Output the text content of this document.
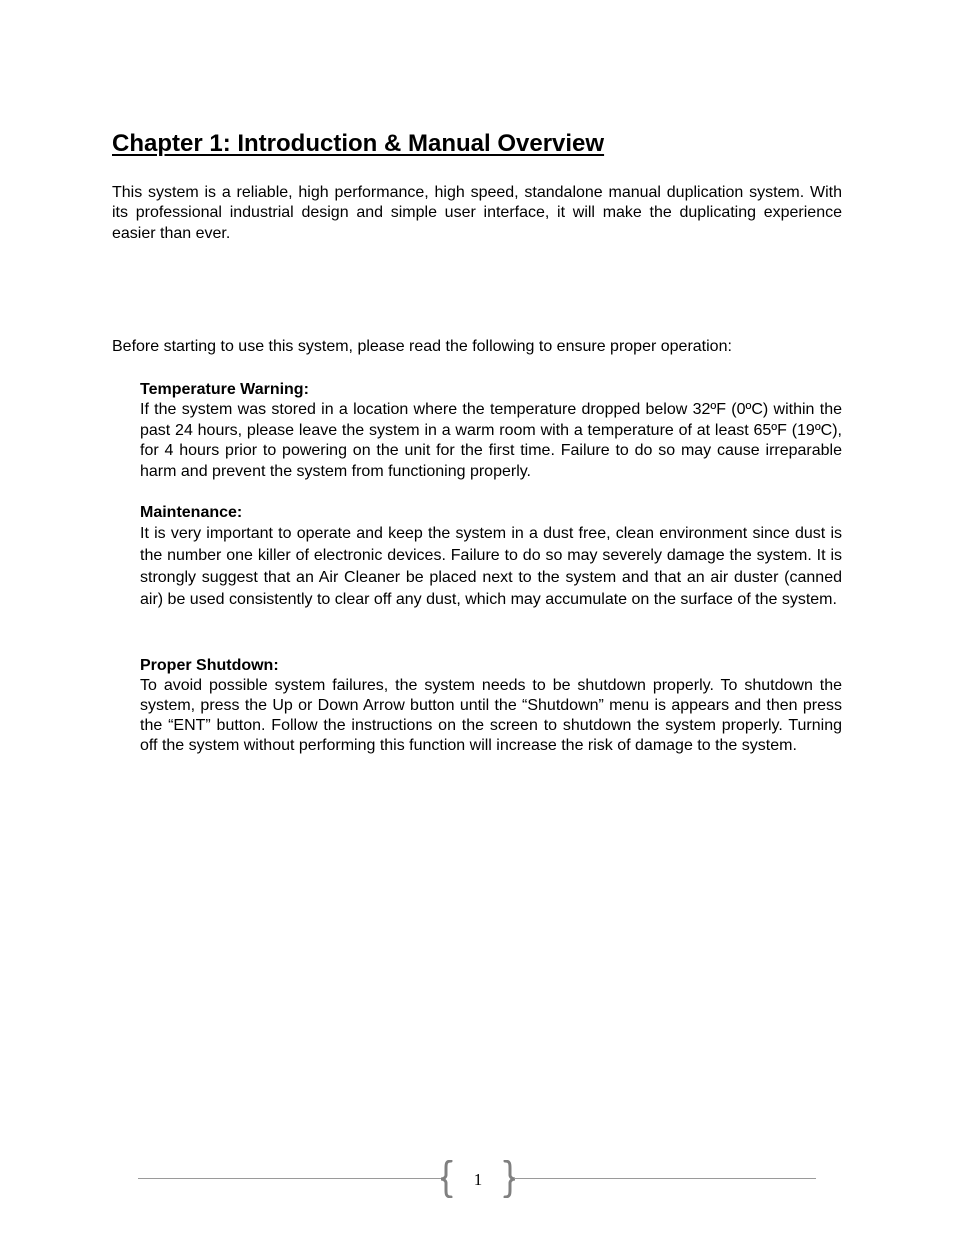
Chapter 1: Introduction & Manual Overview

This system is a reliable, high performance, high speed, standalone manual duplication system. With its professional industrial design and simple user interface, it will make the duplicating experience easier than ever.

Before starting to use this system, please read the following to ensure proper operation:

Temperature Warning:

If the system was stored in a location where the temperature dropped below 32ºF (0ºC) within the past 24 hours, please leave the system in a warm room with a temperature of at least 65ºF (19ºC), for 4 hours prior to powering on the unit for the first time. Failure to do so may cause irreparable harm and prevent the system from functioning properly.

Maintenance:

It is very important to operate and keep the system in a dust free, clean environment since dust is the number one killer of electronic devices. Failure to do so may severely damage the system. It is strongly suggest that an Air Cleaner be placed next to the system and that an air duster (canned air) be used consistently to clear off any dust, which may accumulate on the surface of the system.

Proper Shutdown:

To avoid possible system failures, the system needs to be shutdown properly. To shutdown the system, press the Up or Down Arrow button until the “Shutdown” menu is appears and then press the “ENT” button. Follow the instructions on the screen to shutdown the system properly. Turning off the system without performing this function will increase the risk of damage to the system.

1
